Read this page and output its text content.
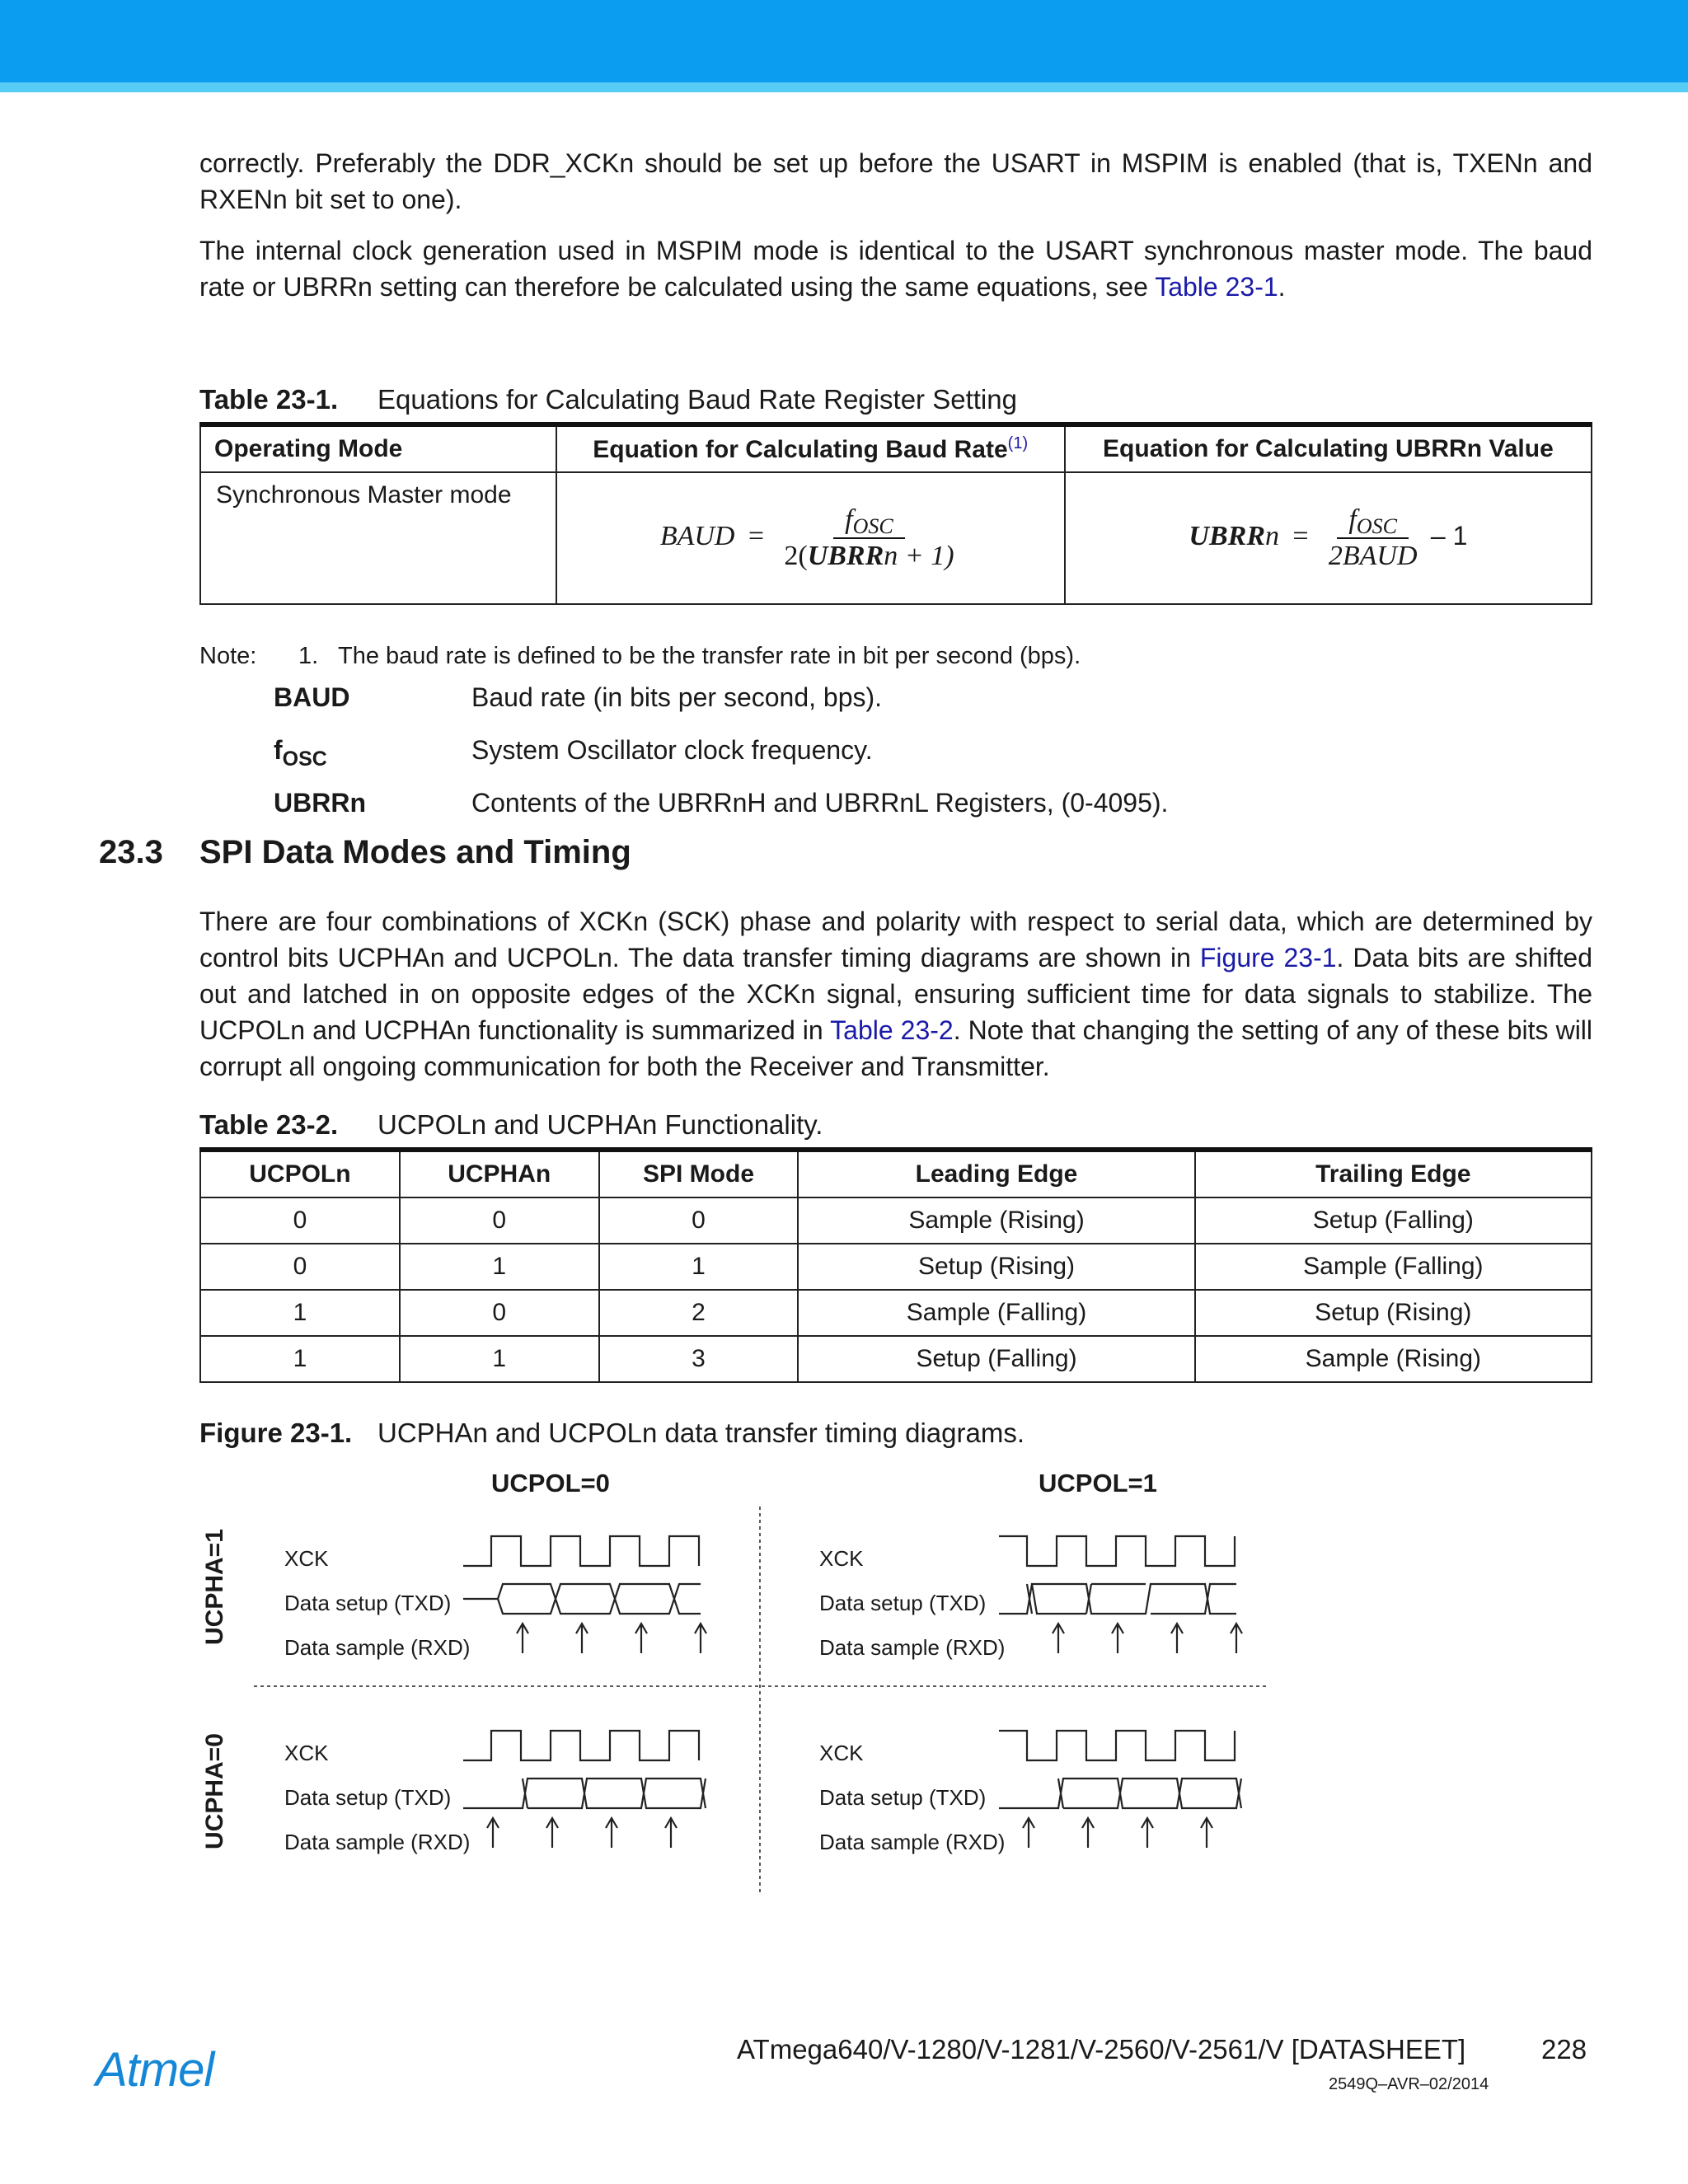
correctly. Preferably the DDR_XCKn should be set up before the USART in MSPIM is enabled (that is, TXENn and RXENn bit set to one).

The internal clock generation used in MSPIM mode is identical to the USART synchronous master mode. The baud rate or UBRRn setting can therefore be calculated using the same equations, see Table 23-1.

Table 23-1. Equations for Calculating Baud Rate Register Setting
Operating Mode	Equation for Calculating Baud Rate$^{(1)}$	Equation for Calculating UBRRn Value
Synchronous Master mode	BAUD = $\frac{\text{fOSC}}{\text{2(UBRRn + 1)}}$	UBRRn = $\frac{\text{fOSC}}{\text{2BAUD}} - 1$
Note: 1. The baud rate is defined to be the transfer rate in bit per second (bps).
BAUD	Baud rate (in bits per second, bps).
$f_{OSC}$	System Oscillator clock frequency.
UBRRn	Contents of the UBRRnH and UBRRnL Registers, (0-4095).
23.3 SPI Data Modes and Timing

There are four combinations of XCKn (SCK) phase and polarity with respect to serial data, which are determined by control bits UCPHAn and UCPOLn. The data transfer timing diagrams are shown in Figure 23-1. Data bits are shifted out and latched in on opposite edges of the XCKn signal, ensuring sufficient time for data signals to stabilize. The UCPOLn and UCPHAn functionality is summarized in Table 23-2. Note that changing the setting of any of these bits will corrupt all ongoing communication for both the Receiver and Transmitter.

Table 23-2. UCPOLn and UCPHAn Functionality.
UCPOLn	UCPHAn	SPI Mode	Leading Edge	Trailing Edge
0	0	0	Sample (Rising)	Setup (Falling)
0	1	1	Setup (Rising)	Sample (Falling)
1	0	2	Sample (Falling)	Setup (Rising)
1	1	3	Setup (Falling)	Sample (Rising)
Figure 23-1. UCPHAn and UCPOLn data transfer timing diagrams.
UCPOL=0	UCPOL=1
UCPHA=1
UCPHA=0
XCK
Data setup (TXD)
Data sample (RXD)
XCK
Data setup (TXD)
Data sample (RXD)
XCK
Data setup (TXD)
Data sample (RXD)
XCK
Data setup (TXD)
Data sample (RXD)
Atmel	ATmega640/V-1280/V-1281/V-2560/V-2561/V [DATASHEET]	228
2549Q–AVR–02/2014
